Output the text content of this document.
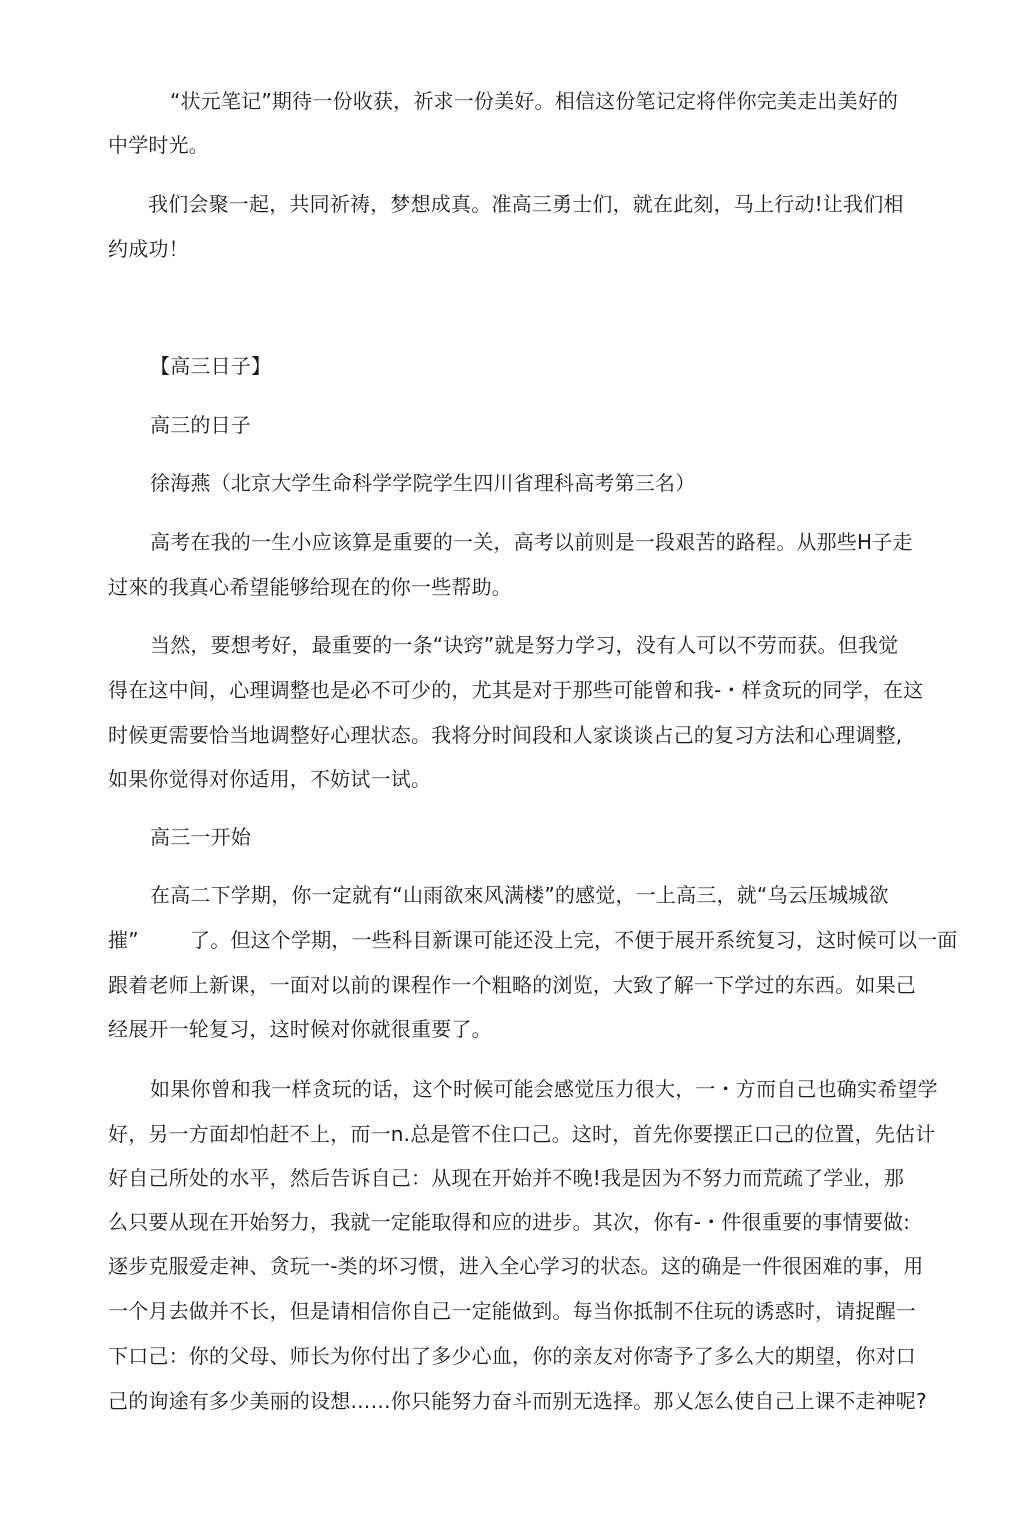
“状元笔记”期待一份收获，祈求一份美好。相信这份笔记定将伴你完美走出美好的
中学时光。
我们会聚一起，共同祈祷，梦想成真。准高三勇士们，就在此刻，马上行动!让我们相
约成功！
【高三日子】
高三的日子
徐海燕（北京大学生命科学学院学生四川省理科高考第三名）
高考在我的一生小应该算是重要的一关，高考以前则是一段艰苦的路程。从那些H子走
过來的我真心希望能够给现在的你一些帮助。
当然，要想考好，最重要的一条“诀窍”就是努力学习，没有人可以不劳而获。但我觉
得在这中间，心理调整也是必不可少的，尤其是对于那些可能曾和我-・样贪玩的同学，在这
时候更需要恰当地调整好心理状态。我将分时间段和人家谈谈占己的复习方法和心理调整,
如果你觉得对你适用，不妨试一试。
高三一开始
在高二下学期，你一定就有“山雨欲來风满楼”的感觉，一上高三，就“乌云压城城欲
摧”	了。但这个学期，一些科目新课可能还没上完，不便于展开系统复习，这时候可以一面
跟着老师上新课，一面对以前的课程作一个粗略的浏览，大致了解一下学过的东西。如果己
经展开一轮复习，这时候对你就很重要了。
如果你曾和我一样贪玩的话，这个时候可能会感觉压力很大，一・方而自己也确实希望学
好，另一方面却怕赶不上，而一n.总是管不住口己。这时，首先你要摆正口己的位置，先估计
好自己所处的水平，然后告诉自己：从现在开始并不晚!我是因为不努力而荒疏了学业，那
么只要从现在开始努力，我就一定能取得和应的进步。其次，你有-・件很重要的事情要做:
逐步克服爱走神、贪玩一-类的坏习惯，进入全心学习的状态。这的确是一件很困难的事，用
一个月去做并不长，但是请相信你自己一定能做到。每当你抵制不住玩的诱惑时，请捉醒一
下口己：你的父母、师长为你付出了多少心血，你的亲友对你寄予了多么大的期望，你对口
己的询途有多少美丽的设想……你只能努力奋斗而别无选择。那乂怎么使自己上课不走神呢?
